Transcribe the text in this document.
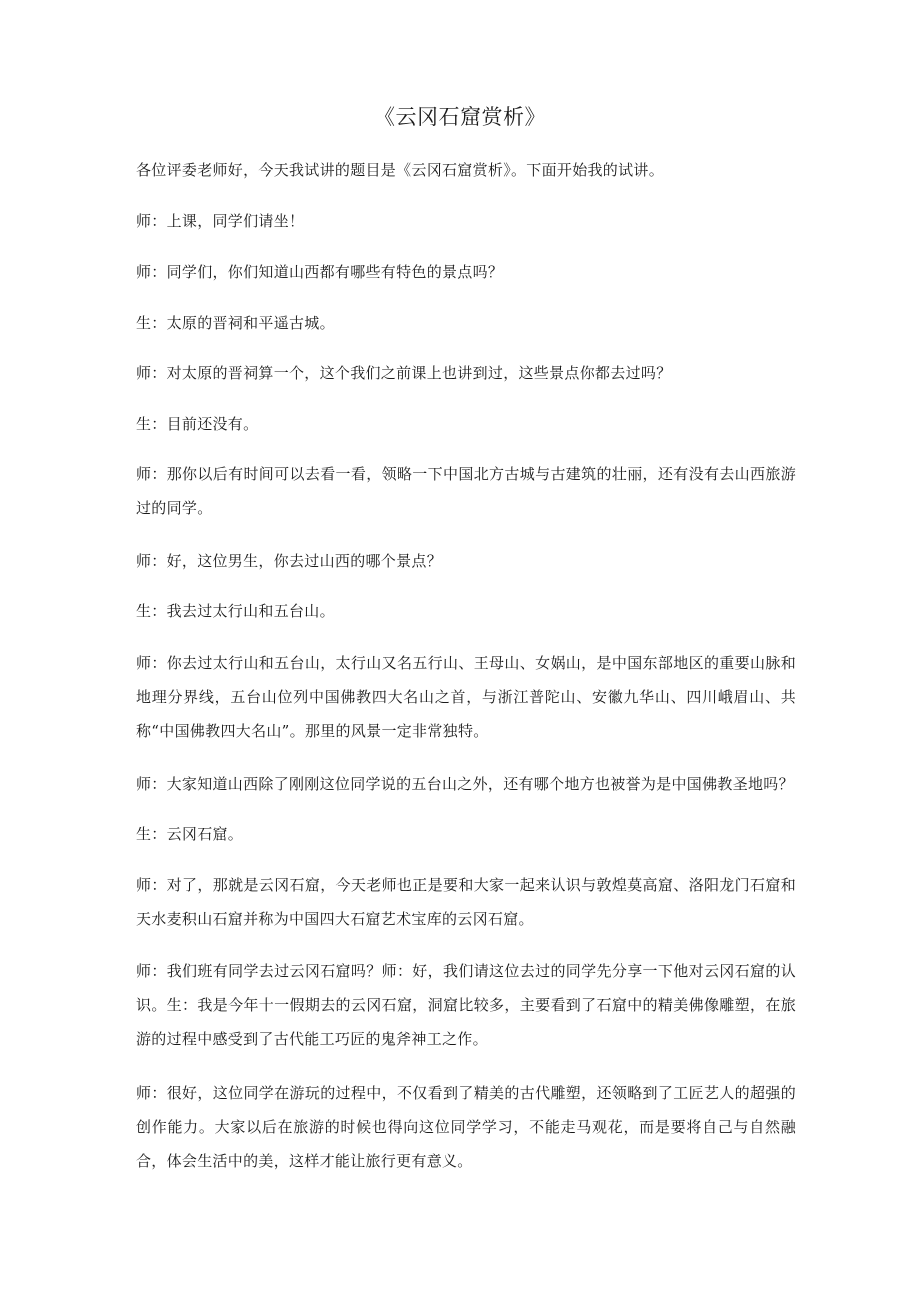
《云冈石窟赏析》
各位评委老师好，今天我试讲的题目是《云冈石窟赏析》。下面开始我的试讲。
师：上课，同学们请坐！
师：同学们，你们知道山西都有哪些有特色的景点吗？
生：太原的晋祠和平遥古城。
师：对太原的晋祠算一个，这个我们之前课上也讲到过，这些景点你都去过吗？
生：目前还没有。
师：那你以后有时间可以去看一看，领略一下中国北方古城与古建筑的壮丽，还有没有去山西旅游过的同学。
师：好，这位男生，你去过山西的哪个景点？
生：我去过太行山和五台山。
师：你去过太行山和五台山，太行山又名五行山、王母山、女娲山，是中国东部地区的重要山脉和地理分界线，五台山位列中国佛教四大名山之首，与浙江普陀山、安徽九华山、四川峨眉山、共称“中国佛教四大名山”。那里的风景一定非常独特。
师：大家知道山西除了刚刚这位同学说的五台山之外，还有哪个地方也被誉为是中国佛教圣地吗？
生：云冈石窟。
师：对了，那就是云冈石窟，今天老师也正是要和大家一起来认识与敦煌莫高窟、洛阳龙门石窟和天水麦积山石窟并称为中国四大石窟艺术宝库的云冈石窟。
师：我们班有同学去过云冈石窟吗？师：好，我们请这位去过的同学先分享一下他对云冈石窟的认识。生：我是今年十一假期去的云冈石窟，洞窟比较多，主要看到了石窟中的精美佛像雕塑，在旅游的过程中感受到了古代能工巧匠的鬼斧神工之作。
师：很好，这位同学在游玩的过程中，不仅看到了精美的古代雕塑，还领略到了工匠艺人的超强的创作能力。大家以后在旅游的时候也得向这位同学学习，不能走马观花，而是要将自己与自然融合，体会生活中的美，这样才能让旅行更有意义。
